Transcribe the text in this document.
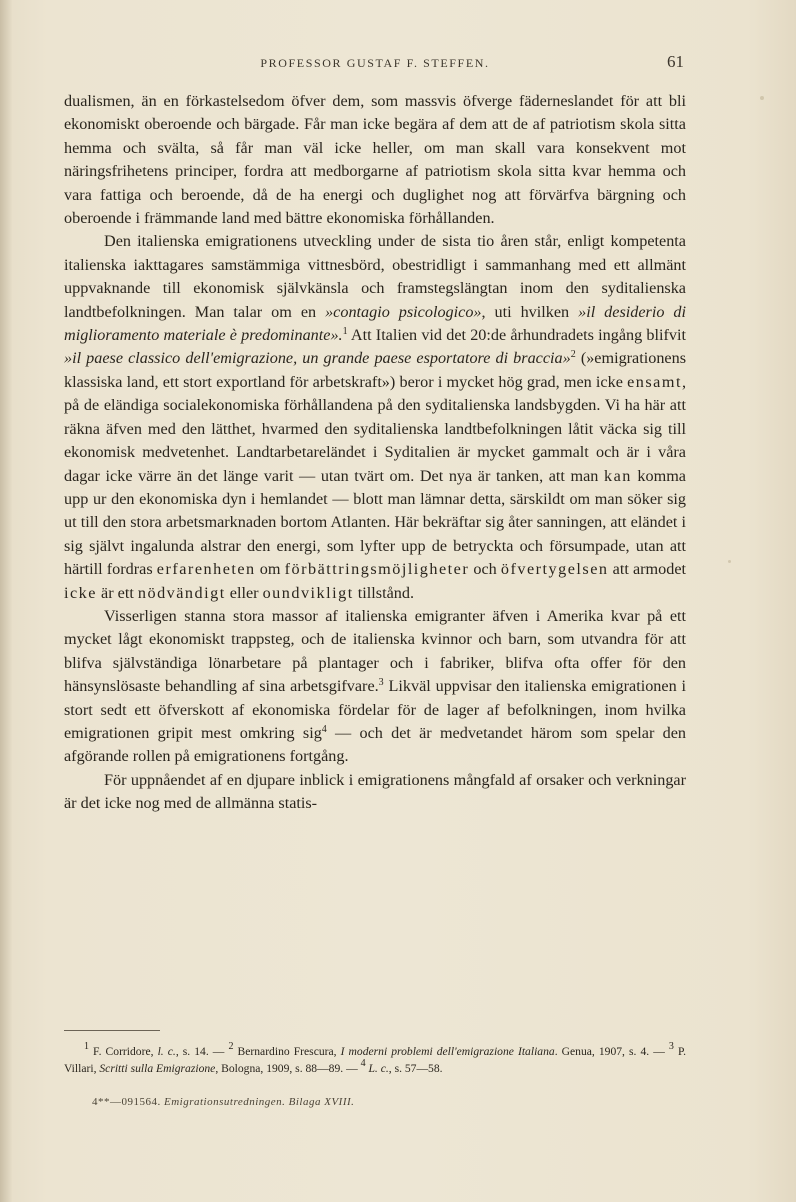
PROFESSOR GUSTAF F. STEFFEN.	61

dualismen, än en förkastelsedom öfver dem, som massvis öfverge fäderneslandet för att bli ekonomiskt oberoende och bärgade. Får man icke begära af dem att de af patriotism skola sitta hemma och svälta, så får man väl icke heller, om man skall vara konsekvent mot näringsfrihetens principer, fordra att medborgarne af patriotism skola sitta kvar hemma och vara fattiga och beroende, då de ha energi och duglighet nog att förvärfva bärgning och oberoende i främmande land med bättre ekonomiska förhållanden.

Den italienska emigrationens utveckling under de sista tio åren står, enligt kompetenta italienska iakttagares samstämmiga vittnesbörd, obestridligt i sammanhang med ett allmänt uppvaknande till ekonomisk självkänsla och framstegslängtan inom den syditalienska landtbefolkningen. Man talar om en »contagio psicologico», uti hvilken »il desiderio di miglioramento materiale è predominante».$^1$ Att Italien vid det 20:de århundradets ingång blifvit »il paese classico dell'emigrazione, un grande paese esportatore di braccia»$^2$ (»emigrationens klassiska land, ett stort exportland för arbetskraft») beror i mycket hög grad, men icke ensamt, på de eländiga socialekonomiska förhållandena på den syditalienska landsbygden. Vi ha här att räkna äfven med den lätthet, hvarmed den syditalienska landtbefolkningen låtit väcka sig till ekonomisk medvetenhet. Landtarbetareländet i Syditalien är mycket gammalt och är i våra dagar icke värre än det länge varit — utan tvärt om. Det nya är tanken, att man kan komma upp ur den ekonomiska dyn i hemlandet — blott man lämnar detta, särskildt om man söker sig ut till den stora arbetsmarknaden bortom Atlanten. Här bekräftar sig åter sanningen, att eländet i sig självt ingalunda alstrar den energi, som lyfter upp de betryckta och försumpade, utan att härtill fordras erfarenheten om förbättringsmöjligheter och öfvertygelsen att armodet icke är ett nödvändigt eller oundvikligt tillstånd.

Visserligen stanna stora massor af italienska emigranter äfven i Amerika kvar på ett mycket lågt ekonomiskt trappsteg, och de italienska kvinnor och barn, som utvandra för att blifva självständiga lönarbetare på plantager och i fabriker, blifva ofta offer för den hänsynslösaste behandling af sina arbetsgifvare.$^3$ Likväl uppvisar den italienska emigrationen i stort sedt ett öfverskott af ekonomiska fördelar för de lager af befolkningen, inom hvilka emigrationen gripit mest omkring sig$^4$ — och det är medvetandet härom som spelar den afgörande rollen på emigrationens fortgång.

För uppnåendet af en djupare inblick i emigrationens mångfald af orsaker och verkningar är det icke nog med de allmänna statis-

$^1$ F. Corridore, l. c., s. 14. — $^2$ Bernardino Frescura, I moderni problemi dell'emigrazione Italiana. Genua, 1907, s. 4. — $^3$ P. Villari, Scritti sulla Emigrazione, Bologna, 1909, s. 88—89. — $^4$ L. c., s. 57—58.

4**—091564. Emigrationsutredningen. Bilaga XVIII.
